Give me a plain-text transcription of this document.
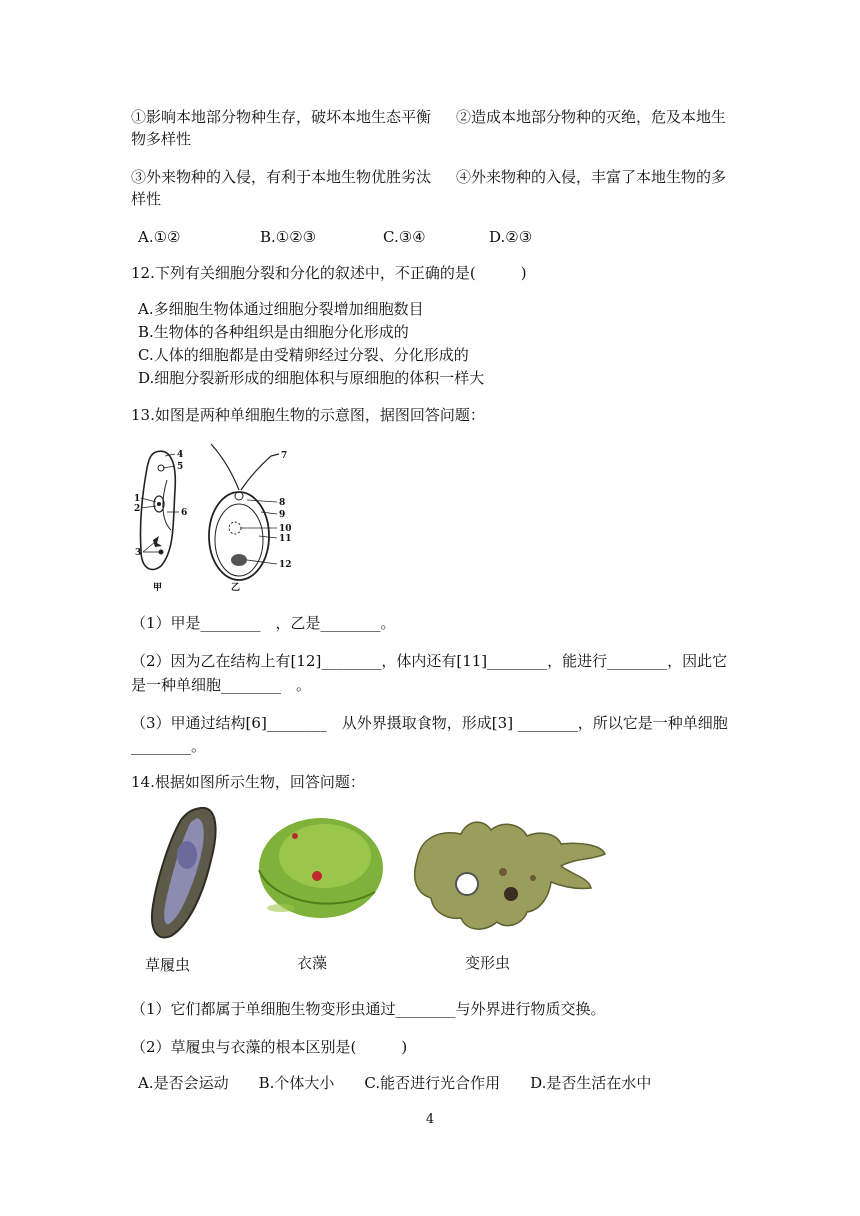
①影响本地部分物种生存，破坏本地生态平衡 ②造成本地部分物种的灭绝，危及本地生
物多样性
③外来物种的入侵，有利于本地生物优胜劣汰 ④外来物种的入侵，丰富了本地生物的多
样性
A.①②	B.①②③	C.③④	D.②③
12.下列有关细胞分裂和分化的叙述中，不正确的是(　　　)
A.多细胞生物体通过细胞分裂增加细胞数目
B.生物体的各种组织是由细胞分化形成的
C.人体的细胞都是由受精卵经过分裂、分化形成的
D.细胞分裂新形成的细胞体积与原细胞的体积一样大
13.如图是两种单细胞生物的示意图，据图回答问题：
4
5
1
2	6
3
7
8
9
10
11
12
甲	乙
（1）甲是________　，乙是________。
（2）因为乙在结构上有[12]________，体内还有[11]________，能进行________，因此它
是一种单细胞________　。
（3）甲通过结构[6]________　从外界摄取食物，形成[3] ________，所以它是一种单细胞
________。
14.根据如图所示生物，回答问题：
草履虫	衣藻	变形虫
（1）它们都属于单细胞生物变形虫通过________与外界进行物质交换。
（2）草履虫与衣藻的根本区别是(　　　)
A.是否会运动　　B.个体大小　　C.能否进行光合作用　　D.是否生活在水中
4
